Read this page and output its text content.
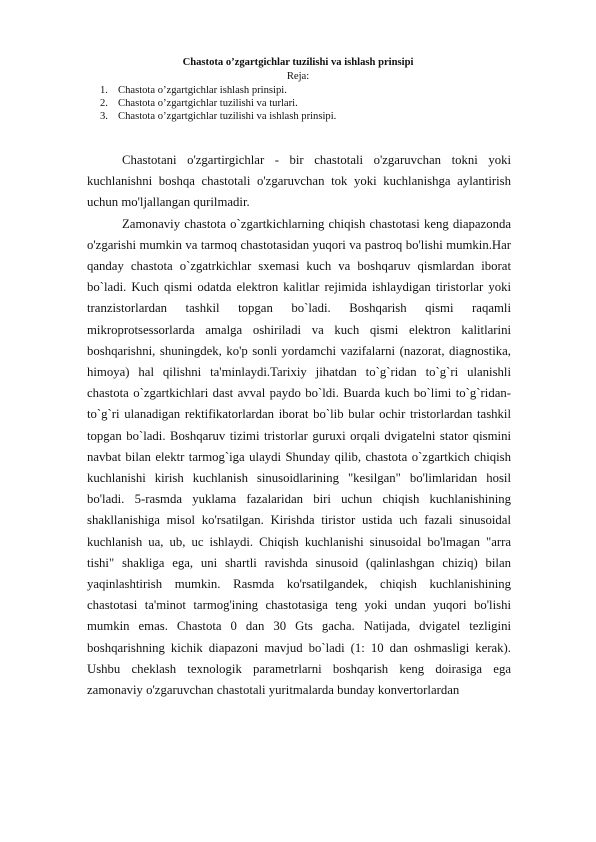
Chastota o’zgartgichlar tuzilishi va ishlash prinsipi
Reja:
1. Chastota o’zgartgichlar ishlash prinsipi.
2. Chastota o’zgartgichlar tuzilishi va turlari.
3. Chastota o’zgartgichlar tuzilishi va ishlash prinsipi.

Chastotani o'zgartirgichlar - bir chastotali o'zgaruvchan tokni yoki kuchlanishni boshqa chastotali o'zgaruvchan tok yoki kuchlanishga aylantirish uchun mo'ljallangan qurilmadir.

Zamonaviy chastota o`zgartkichlarning chiqish chastotasi keng diapazonda o'zgarishi mumkin va tarmoq chastotasidan yuqori va pastroq bo'lishi mumkin.Har qanday chastota o`zgatrkichlar sxemasi kuch va boshqaruv qismlardan iborat bo`ladi. Kuch qismi odatda elektron kalitlar rejimida ishlaydigan tiristorlar yoki tranzistorlardan tashkil topgan bo`ladi. Boshqarish qismi raqamli mikroprotsessorlarda amalga oshiriladi va kuch qismi elektron kalitlarini boshqarishni, shuningdek, ko'p sonli yordamchi vazifalarni (nazorat, diagnostika, himoya) hal qilishni ta'minlaydi.Tarixiy jihatdan to`g`ridan to`g`ri ulanishli chastota o`zgartkichlari dast avval paydo bo`ldi. Buarda kuch bo`limi to`g`ridan-to`g`ri ulanadigan rektifikatorlardan iborat bo`lib bular ochir tristorlardan tashkil topgan bo`ladi. Boshqaruv tizimi tristorlar guruxi orqali dvigatelni stator qismini navbat bilan elektr tarmog`iga ulaydi Shunday qilib, chastota o`zgartkich chiqish kuchlanishi kirish kuchlanish sinusoidlarining "kesilgan" bo'limlaridan hosil bo'ladi. 5-rasmda yuklama fazalaridan biri uchun chiqish kuchlanishining shakllanishiga misol ko'rsatilgan. Kirishda tiristor ustida uch fazali sinusoidal kuchlanish ua, ub, uc ishlaydi. Chiqish kuchlanishi sinusoidal bo'lmagan "arra tishi" shakliga ega, uni shartli ravishda sinusoid (qalinlashgan chiziq) bilan yaqinlashtirish mumkin. Rasmda ko'rsatilgandek, chiqish kuchlanishining chastotasi ta'minot tarmog'ining chastotasiga teng yoki undan yuqori bo'lishi mumkin emas. Chastota 0 dan 30 Gts gacha. Natijada, dvigatel tezligini boshqarishning kichik diapazoni mavjud bo`ladi (1: 10 dan oshmasligi kerak). Ushbu cheklash texnologik parametrlarni boshqarish keng doirasiga ega zamonaviy o'zgaruvchan chastotali yuritmalarda bunday konvertorlardan
